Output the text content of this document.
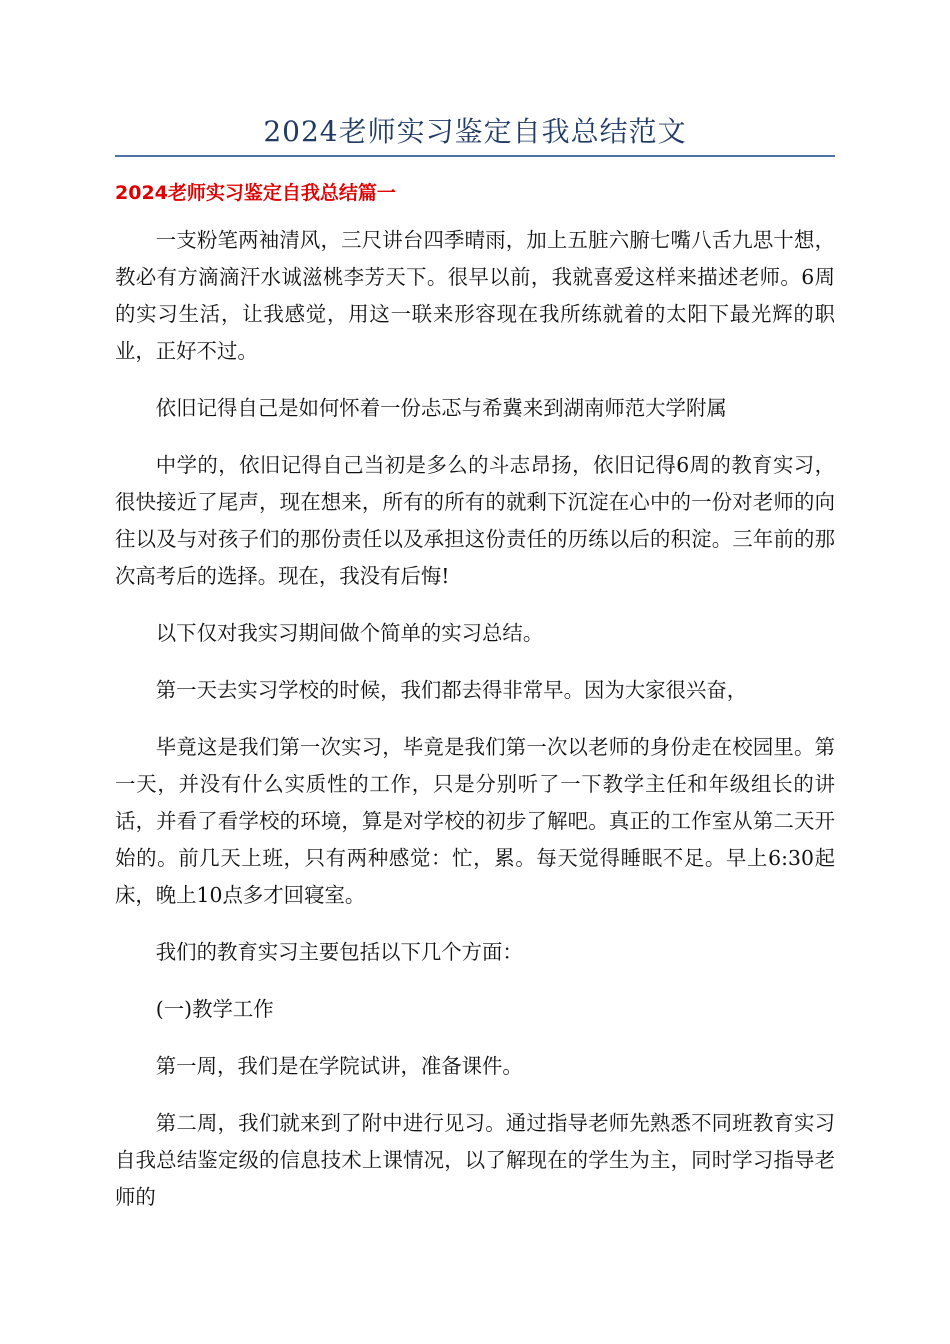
2024老师实习鉴定自我总结范文
2024老师实习鉴定自我总结篇一

一支粉笔两袖清风，三尺讲台四季晴雨，加上五脏六腑七嘴八舌九思十想，教必有方滴滴汗水诚滋桃李芳天下。很早以前，我就喜爱这样来描述老师。6周的实习生活，让我感觉，用这一联来形容现在我所练就着的太阳下最光辉的职业，正好不过。

依旧记得自己是如何怀着一份忐忑与希冀来到湖南师范大学附属

中学的，依旧记得自己当初是多么的斗志昂扬，依旧记得6周的教育实习，很快接近了尾声，现在想来，所有的所有的就剩下沉淀在心中的一份对老师的向往以及与对孩子们的那份责任以及承担这份责任的历练以后的积淀。三年前的那次高考后的选择。现在，我没有后悔!

以下仅对我实习期间做个简单的实习总结。

第一天去实习学校的时候，我们都去得非常早。因为大家很兴奋，

毕竟这是我们第一次实习，毕竟是我们第一次以老师的身份走在校园里。第一天，并没有什么实质性的工作，只是分别听了一下教学主任和年级组长的讲话，并看了看学校的环境，算是对学校的初步了解吧。真正的工作室从第二天开始的。前几天上班，只有两种感觉：忙，累。每天觉得睡眠不足。早上6:30起床，晚上10点多才回寝室。

我们的教育实习主要包括以下几个方面：

(一)教学工作

第一周，我们是在学院试讲，准备课件。

第二周，我们就来到了附中进行见习。通过指导老师先熟悉不同班教育实习自我总结鉴定级的信息技术上课情况，以了解现在的学生为主，同时学习指导老师的
